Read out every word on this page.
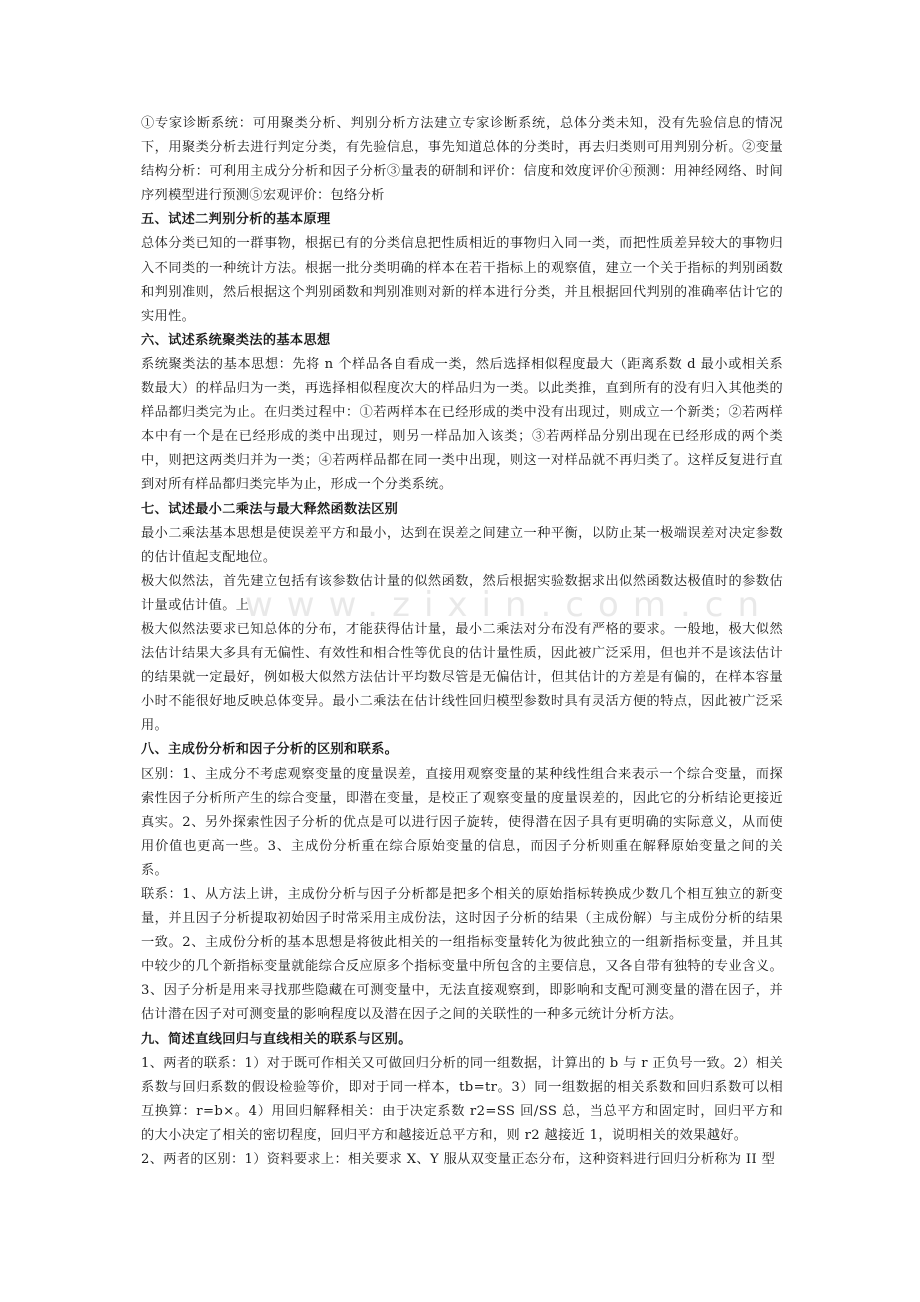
www.zixin.com.cn

①专家诊断系统：可用聚类分析、判别分析方法建立专家诊断系统，总体分类未知，没有先验信息的情况下，用聚类分析去进行判定分类，有先验信息，事先知道总体的分类时，再去归类则可用判别分析。②变量结构分析：可利用主成分分析和因子分析③量表的研制和评价：信度和效度评价④预测：用神经网络、时间序列模型进行预测⑤宏观评价：包络分析

五、试述二判别分析的基本原理

总体分类已知的一群事物，根据已有的分类信息把性质相近的事物归入同一类，而把性质差异较大的事物归入不同类的一种统计方法。根据一批分类明确的样本在若干指标上的观察值，建立一个关于指标的判别函数和判别准则，然后根据这个判别函数和判别准则对新的样本进行分类，并且根据回代判别的准确率估计它的实用性。

六、试述系统聚类法的基本思想

系统聚类法的基本思想：先将 n 个样品各自看成一类，然后选择相似程度最大（距离系数 d 最小或相关系数最大）的样品归为一类，再选择相似程度次大的样品归为一类。以此类推，直到所有的没有归入其他类的样品都归类完为止。在归类过程中：①若两样本在已经形成的类中没有出现过，则成立一个新类；②若两样本中有一个是在已经形成的类中出现过，则另一样品加入该类；③若两样品分别出现在已经形成的两个类中，则把这两类归并为一类；④若两样品都在同一类中出现，则这一对样品就不再归类了。这样反复进行直到对所有样品都归类完毕为止，形成一个分类系统。

七、试述最小二乘法与最大释然函数法区别

最小二乘法基本思想是使误差平方和最小，达到在误差之间建立一种平衡，以防止某一极端误差对决定参数的估计值起支配地位。

极大似然法，首先建立包括有该参数估计量的似然函数，然后根据实验数据求出似然函数达极值时的参数估计量或估计值。上

极大似然法要求已知总体的分布，才能获得估计量，最小二乘法对分布没有严格的要求。一般地，极大似然法估计结果大多具有无偏性、有效性和相合性等优良的估计量性质，因此被广泛采用，但也并不是该法估计的结果就一定最好，例如极大似然方法估计平均数尽管是无偏估计，但其估计的方差是有偏的，在样本容量小时不能很好地反映总体变异。最小二乘法在估计线性回归模型参数时具有灵活方便的特点，因此被广泛采用。

八、主成份分析和因子分析的区别和联系。

区别：1、主成分不考虑观察变量的度量误差，直接用观察变量的某种线性组合来表示一个综合变量，而探索性因子分析所产生的综合变量，即潜在变量，是校正了观察变量的度量误差的，因此它的分析结论更接近真实。2、另外探索性因子分析的优点是可以进行因子旋转，使得潜在因子具有更明确的实际意义，从而使用价值也更高一些。3、主成份分析重在综合原始变量的信息，而因子分析则重在解释原始变量之间的关系。

联系：1、从方法上讲，主成份分析与因子分析都是把多个相关的原始指标转换成少数几个相互独立的新变量，并且因子分析提取初始因子时常采用主成份法，这时因子分析的结果（主成份解）与主成份分析的结果一致。2、主成份分析的基本思想是将彼此相关的一组指标变量转化为彼此独立的一组新指标变量，并且其中较少的几个新指标变量就能综合反应原多个指标变量中所包含的主要信息，又各自带有独特的专业含义。3、因子分析是用来寻找那些隐藏在可测变量中，无法直接观察到，即影响和支配可测变量的潜在因子，并估计潜在因子对可测变量的影响程度以及潜在因子之间的关联性的一种多元统计分析方法。

九、简述直线回归与直线相关的联系与区别。

1、两者的联系：1）对于既可作相关又可做回归分析的同一组数据，计算出的 b 与 r 正负号一致。2）相关系数与回归系数的假设检验等价，即对于同一样本，tb=tr。3）同一组数据的相关系数和回归系数可以相互换算：r=b×。4）用回归解释相关：由于决定系数 r2=SS 回/SS 总，当总平方和固定时，回归平方和的大小决定了相关的密切程度，回归平方和越接近总平方和，则 r2 越接近 1，说明相关的效果越好。

2、两者的区别：1）资料要求上：相关要求 X、Y 服从双变量正态分布，这种资料进行回归分析称为 II 型
